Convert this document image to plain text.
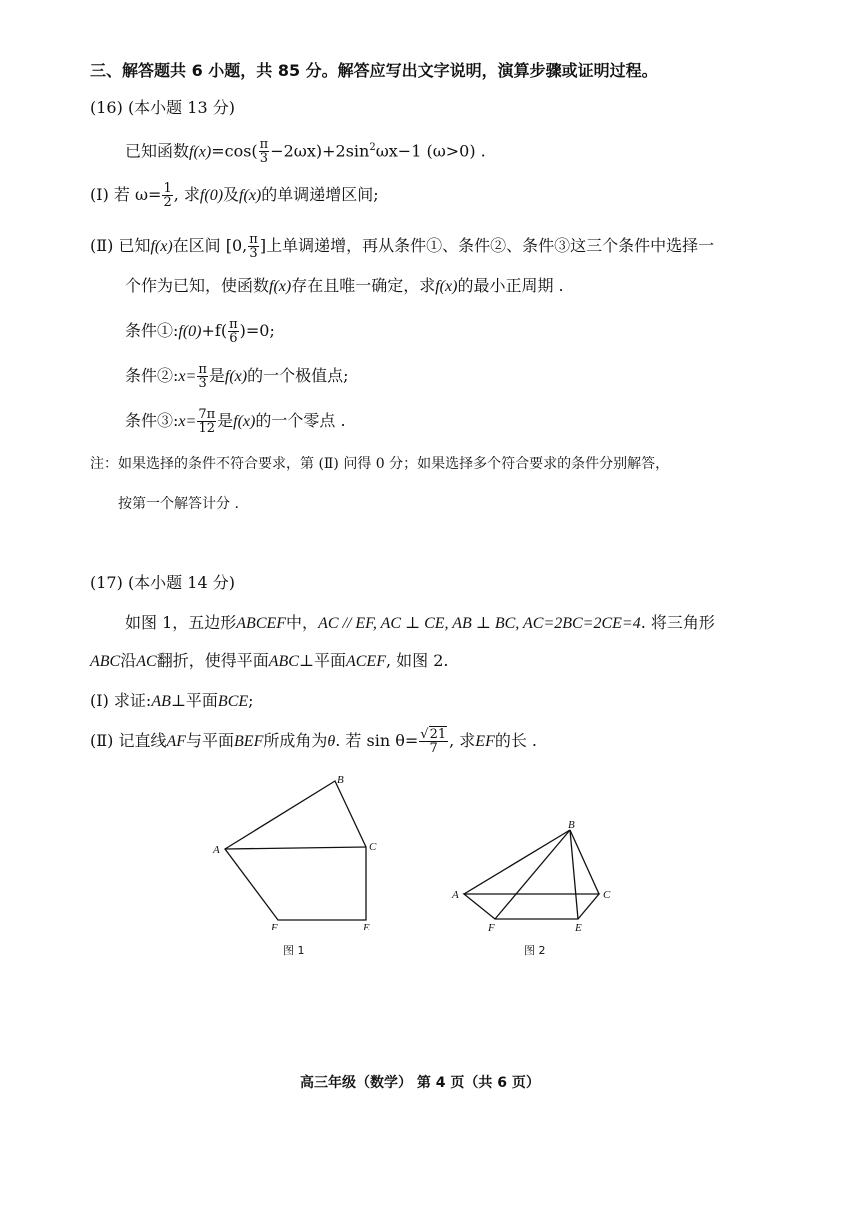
三、解答题共 6 小题，共 85 分。解答应写出文字说明，演算步骤或证明过程。
(16) (本小题 13 分)
已知函数$f(x)=\cos( \frac{\pi}{3} -2\omega x)+2\sin^2\omega x-1$ (ω>0) .
(Ⅰ) 若 $\omega= \frac{1}{2}$ , 求f(0)及f(x)的单调递增区间;
(Ⅱ) 已知f(x)在区间 [0, $\frac{\pi}{3}$ ]上单调递增，再从条件①、条件②、条件③这三个条件中选择一
个作为已知，使函数f(x)存在且唯一确定，求f(x)的最小正周期 .
条件①:f(0)+f( $\frac{\pi}{6} )=0$;
条件②:x= $\frac{\pi}{3}$ 是f(x)的一个极值点;
条件③:x= $\frac{7\pi}{12}$ 是f(x)的一个零点 .
注：如果选择的条件不符合要求，第 (Ⅱ) 问得 0 分；如果选择多个符合要求的条件分别解答，
按第一个解答计分 .
(17) (本小题 14 分)
如图 1，五边形ABCEF中，AC // EF, AC ⊥ CE, AB ⊥ BC, AC=2BC=2CE=4. 将三角形
ABC沿AC翻折，使得平面ABC⊥平面ACEF, 如图 2.
(Ⅰ) 求证:AB⊥平面BCE;
(Ⅱ) 记直线AF与平面BEF所成角为θ. 若 $\sin \theta= \frac{√21}{7}$ , 求EF的长 .
A
B
C
E
F
图 1
A
B
C
E
F
图 2
高三年级（数学） 第 4 页（共 6 页）
